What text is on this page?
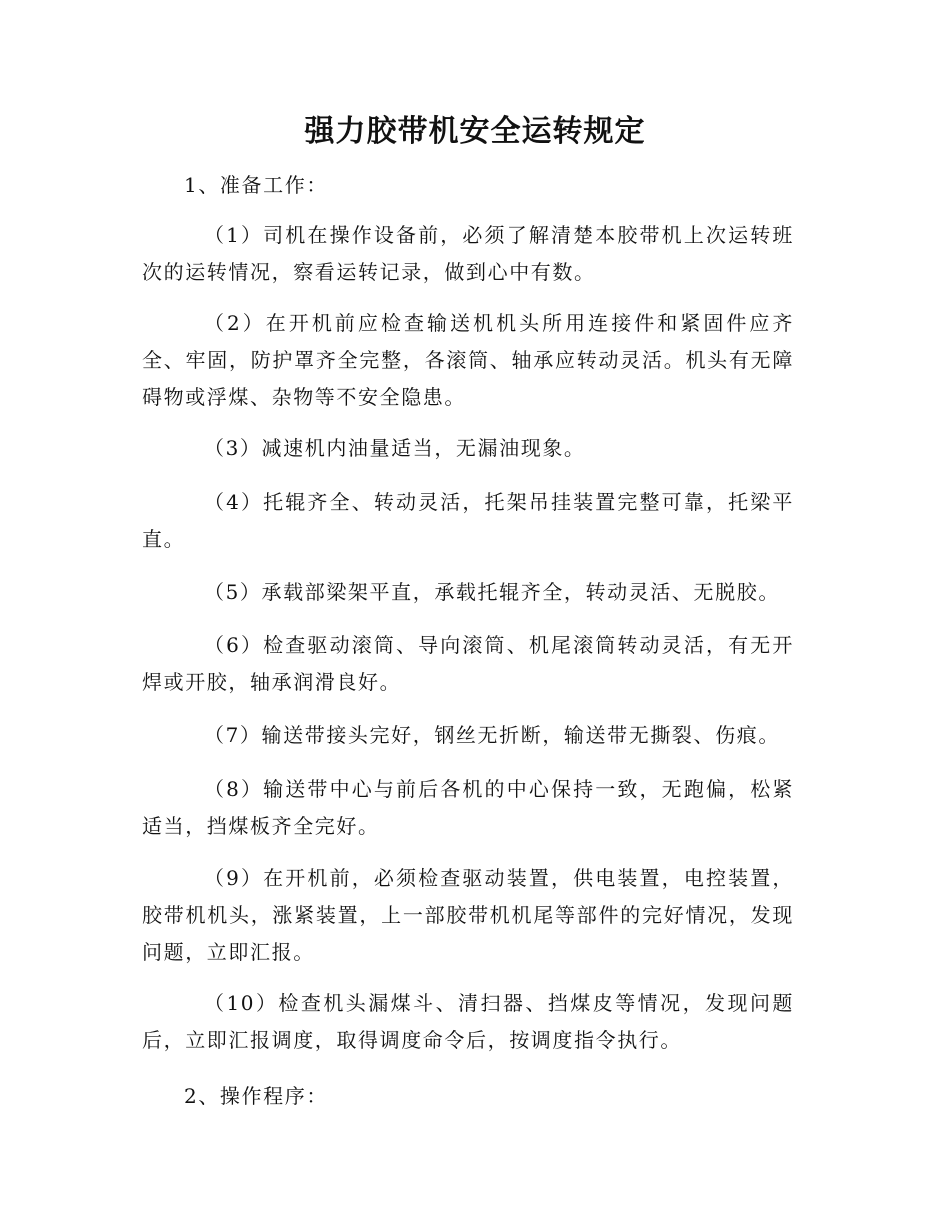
强力胶带机安全运转规定

1、准备工作：

（1）司机在操作设备前，必须了解清楚本胶带机上次运转班次的运转情况，察看运转记录，做到心中有数。

（2）在开机前应检查输送机机头所用连接件和紧固件应齐全、牢固，防护罩齐全完整，各滚筒、轴承应转动灵活。机头有无障碍物或浮煤、杂物等不安全隐患。

（3）减速机内油量适当，无漏油现象。

（4）托辊齐全、转动灵活，托架吊挂装置完整可靠，托梁平直。

（5）承载部梁架平直，承载托辊齐全，转动灵活、无脱胶。

（6）检查驱动滚筒、导向滚筒、机尾滚筒转动灵活，有无开焊或开胶，轴承润滑良好。

（7）输送带接头完好，钢丝无折断，输送带无撕裂、伤痕。

（8）输送带中心与前后各机的中心保持一致，无跑偏，松紧适当，挡煤板齐全完好。

（9）在开机前，必须检查驱动装置，供电装置，电控装置，胶带机机头，涨紧装置，上一部胶带机机尾等部件的完好情况，发现问题，立即汇报。

（10）检查机头漏煤斗、清扫器、挡煤皮等情况，发现问题后，立即汇报调度，取得调度命令后，按调度指令执行。

2、操作程序：
